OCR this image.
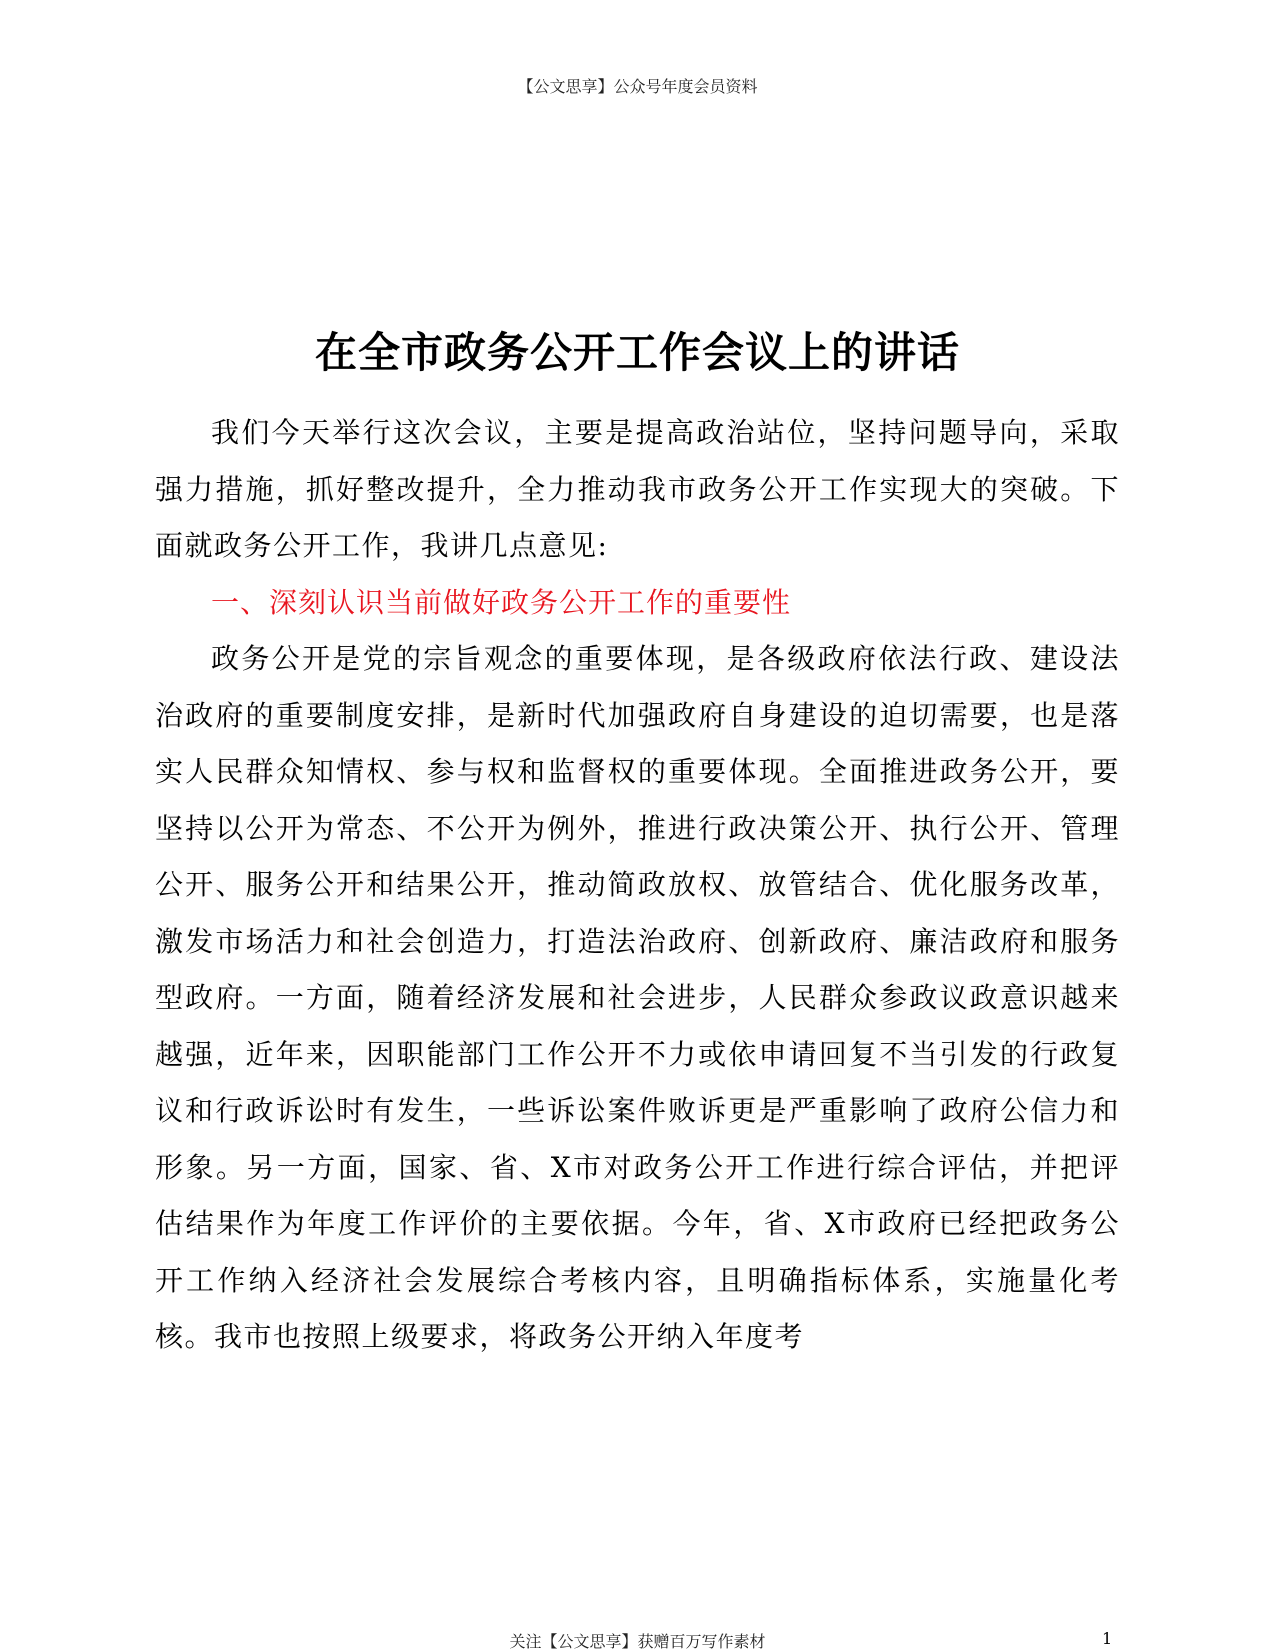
【公文思享】公众号年度会员资料
在全市政务公开工作会议上的讲话

我们今天举行这次会议，主要是提高政治站位，坚持问题导向，采取强力措施，抓好整改提升，全力推动我市政务公开工作实现大的突破。下面就政务公开工作，我讲几点意见:

一、深刻认识当前做好政务公开工作的重要性

政务公开是党的宗旨观念的重要体现，是各级政府依法行政、建设法治政府的重要制度安排，是新时代加强政府自身建设的迫切需要，也是落实人民群众知情权、参与权和监督权的重要体现。全面推进政务公开，要坚持以公开为常态、不公开为例外，推进行政决策公开、执行公开、管理公开、服务公开和结果公开，推动简政放权、放管结合、优化服务改革，激发市场活力和社会创造力，打造法治政府、创新政府、廉洁政府和服务型政府。一方面，随着经济发展和社会进步，人民群众参政议政意识越来越强，近年来，因职能部门工作公开不力或依申请回复不当引发的行政复议和行政诉讼时有发生，一些诉讼案件败诉更是严重影响了政府公信力和形象。另一方面，国家、省、X市对政务公开工作进行综合评估，并把评估结果作为年度工作评价的主要依据。今年，省、X市政府已经把政务公开工作纳入经济社会发展综合考核内容，且明确指标体系，实施量化考核。我市也按照上级要求，将政务公开纳入年度考

关注【公文思享】获赠百万写作素材	1
